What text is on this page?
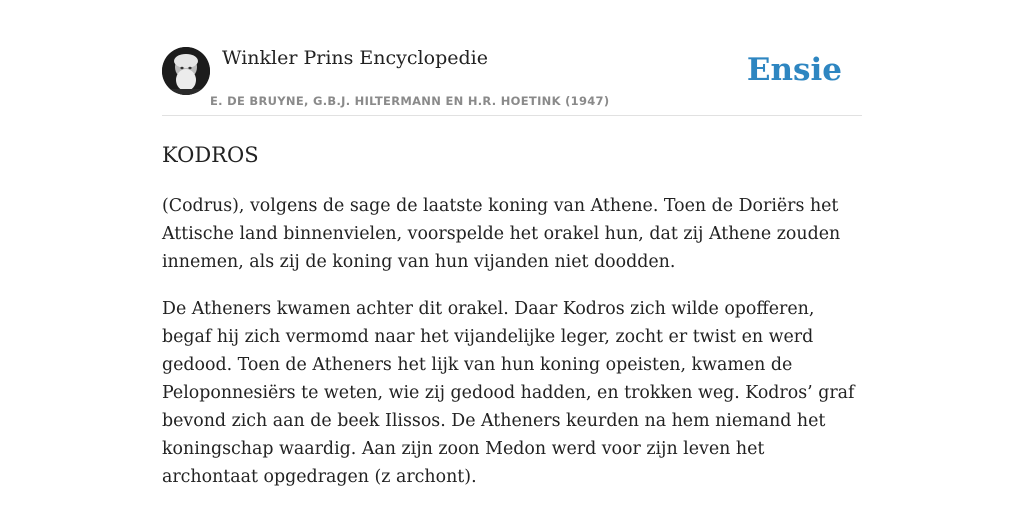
Winkler Prins Encyclopedie
E. DE BRUYNE, G.B.J. HILTERMANN EN H.R. HOETINK (1947)
Ensie
KODROS

(Codrus), volgens de sage de laatste koning van Athene. Toen de Doriërs het Attische land binnenvielen, voorspelde het orakel hun, dat zij Athene zouden innemen, als zij de koning van hun vijanden niet doodden.

De Atheners kwamen achter dit orakel. Daar Kodros zich wilde opofferen, begaf hij zich vermomd naar het vijandelijke leger, zocht er twist en werd gedood. Toen de Atheners het lijk van hun koning opeisten, kwamen de Peloponnesiërs te weten, wie zij gedood hadden, en trokken weg. Kodros’ graf bevond zich aan de beek Ilissos. De Atheners keurden na hem niemand het koningschap waardig. Aan zijn zoon Medon werd voor zijn leven het archontaat opgedragen (z archont).
